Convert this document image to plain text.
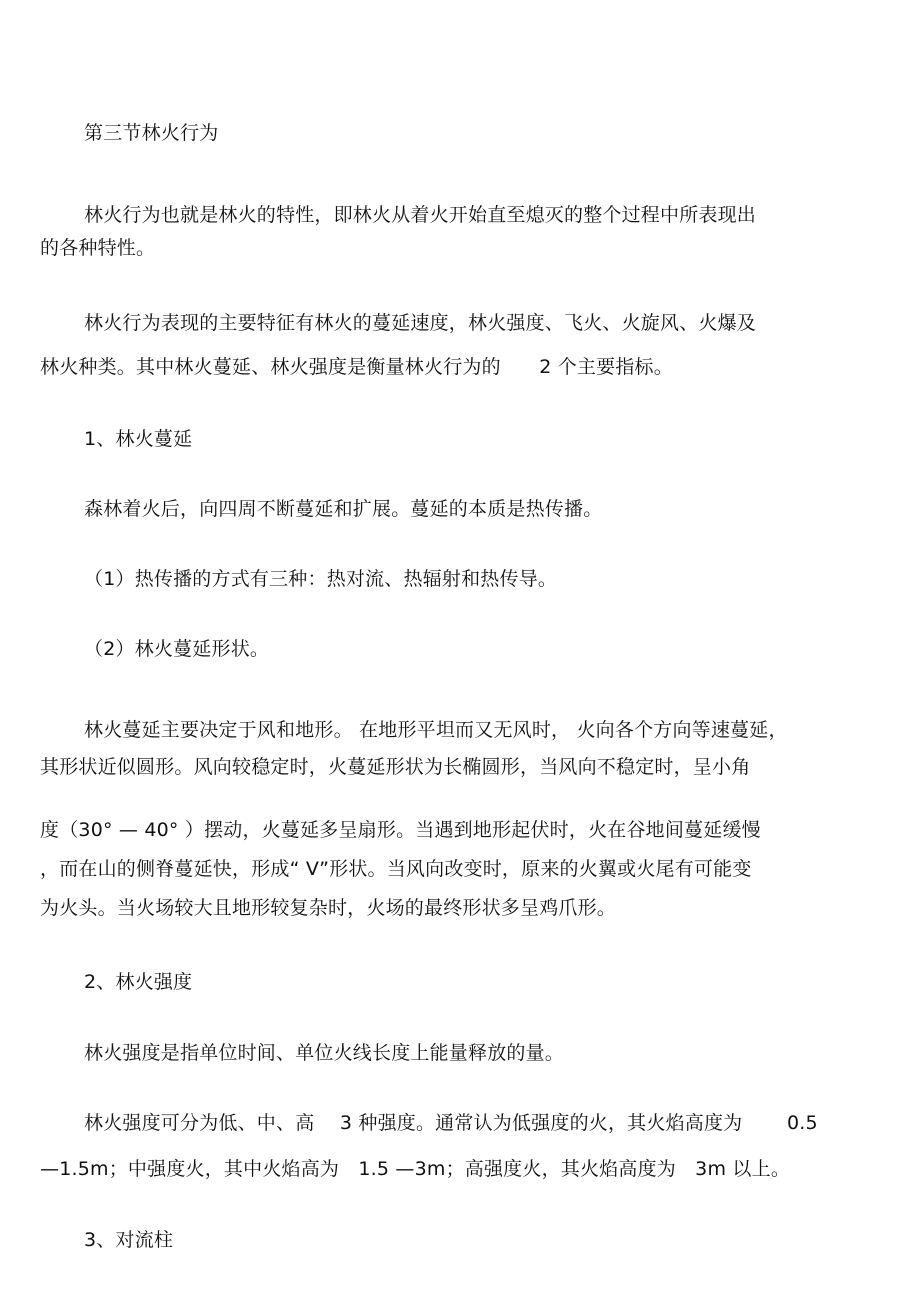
第三节林火行为
林火行为也就是林火的特性，即林火从着火开始直至熄灭的整个过程中所表现出
的各种特性。
林火行为表现的主要特征有林火的蔓延速度，林火强度、飞火、火旋风、火爆及
林火种类。其中林火蔓延、林火强度是衡量林火行为的　　2 个主要指标。
1、林火蔓延
森林着火后，向四周不断蔓延和扩展。蔓延的本质是热传播。
（1）热传播的方式有三种：热对流、热辐射和热传导。
（2）林火蔓延形状。
林火蔓延主要决定于风和地形。 在地形平坦而又无风时， 火向各个方向等速蔓延，
其形状近似圆形。风向较稳定时，火蔓延形状为长椭圆形，当风向不稳定时，呈小角
度（30° — 40° ）摆动，火蔓延多呈扇形。当遇到地形起伏时，火在谷地间蔓延缓慢
，而在山的侧脊蔓延快，形成“ V”形状。当风向改变时，原来的火翼或火尾有可能变
为火头。当火场较大且地形较复杂时，火场的最终形状多呈鸡爪形。
2、林火强度
林火强度是指单位时间、单位火线长度上能量释放的量。
林火强度可分为低、中、高　 3 种强度。通常认为低强度的火，其火焰高度为　　 0.5
—1.5m；中强度火，其中火焰高为　1.5 —3m；高强度火，其火焰高度为　3m 以上。
3、对流柱
